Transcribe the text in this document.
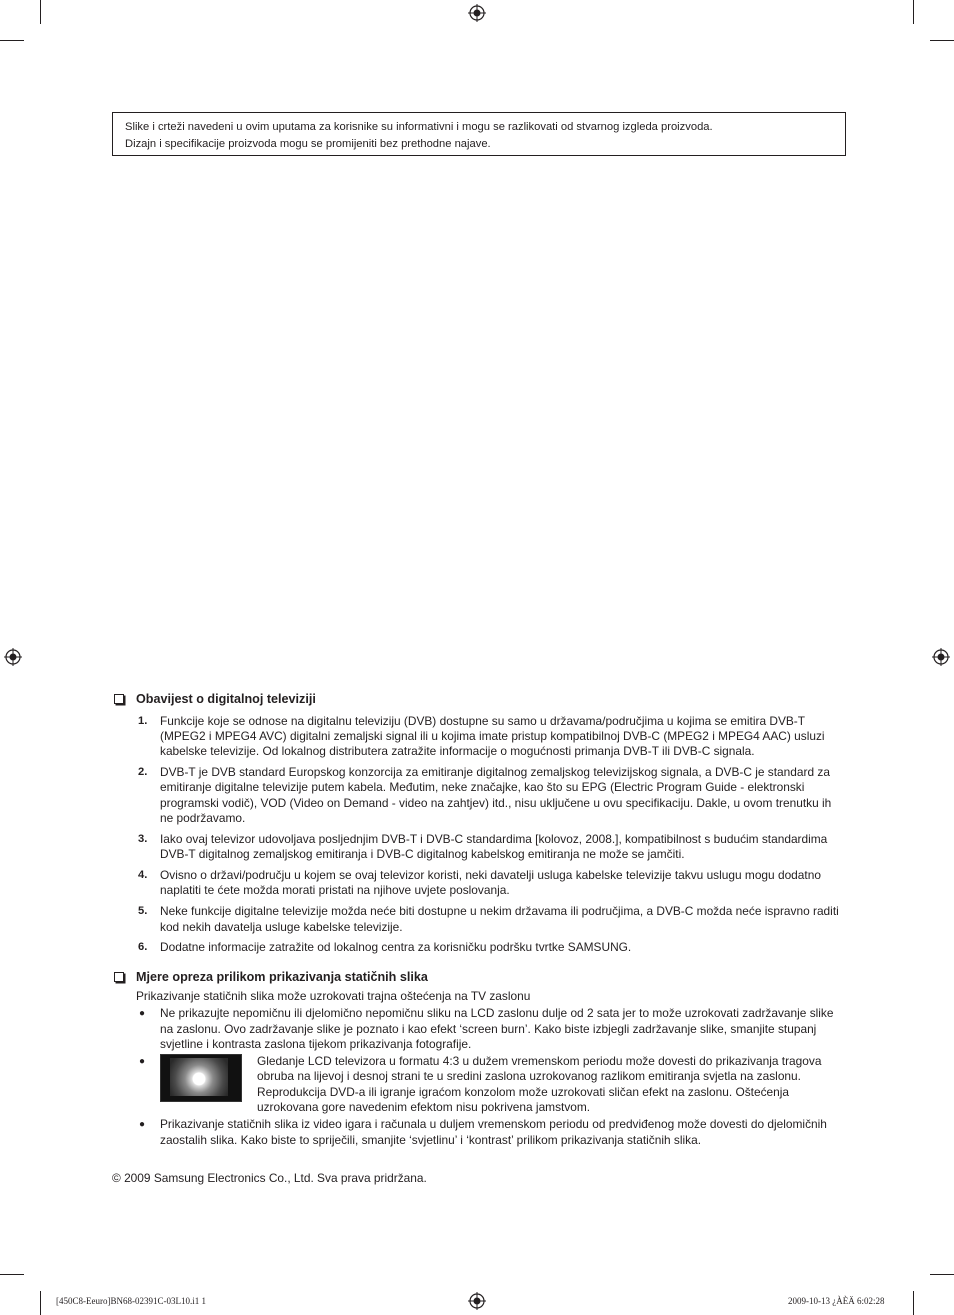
Slike i crteži navedeni u ovim uputama za korisnike su informativni i mogu se razlikovati od stvarnog izgleda proizvoda.
Dizajn i specifikacije proizvoda mogu se promijeniti bez prethodne najave.
Obavijest o digitalnoj televiziji
1. Funkcije koje se odnose na digitalnu televiziju (DVB) dostupne su samo u državama/područjima u kojima se emitira DVB-T (MPEG2 i MPEG4 AVC) digitalni zemaljski signal ili u kojima imate pristup kompatibilnoj DVB-C (MPEG2 i MPEG4 AAC) usluzi kabelske televizije. Od lokalnog distributera zatražite informacije o mogućnosti primanja DVB-T ili DVB-C signala.
2. DVB-T je DVB standard Europskog konzorcija za emitiranje digitalnog zemaljskog televizijskog signala, a DVB-C je standard za emitiranje digitalne televizije putem kabela. Međutim, neke značajke, kao što su EPG (Electric Program Guide - elektronski programski vodič), VOD (Video on Demand - video na zahtjev) itd., nisu uključene u ovu specifikaciju. Dakle, u ovom trenutku ih ne podržavamo.
3. Iako ovaj televizor udovoljava posljednjim DVB-T i DVB-C standardima [kolovoz, 2008.], kompatibilnost s budućim standardima DVB-T digitalnog zemaljskog emitiranja i DVB-C digitalnog kabelskog emitiranja ne može se jamčiti.
4. Ovisno o državi/području u kojem se ovaj televizor koristi, neki davatelji usluga kabelske televizije takvu uslugu mogu dodatno naplatiti te ćete možda morati pristati na njihove uvjete poslovanja.
5. Neke funkcije digitalne televizije možda neće biti dostupne u nekim državama ili područjima, a DVB-C možda neće ispravno raditi kod nekih davatelja usluge kabelske televizije.
6. Dodatne informacije zatražite od lokalnog centra za korisničku podršku tvrtke SAMSUNG.
Mjere opreza prilikom prikazivanja statičnih slika
Prikazivanje statičnih slika može uzrokovati trajna oštećenja na TV zaslonu
● Ne prikazujte nepomičnu ili djelomično nepomičnu sliku na LCD zaslonu dulje od 2 sata jer to može uzrokovati zadržavanje slike na zaslonu. Ovo zadržavanje slike je poznato i kao efekt ‘screen burn’. Kako biste izbjegli zadržavanje slike, smanjite stupanj svjetline i kontrasta zaslona tijekom prikazivanja fotografije.
●	Gledanje LCD televizora u formatu 4:3 u dužem vremenskom periodu može dovesti do prikazivanja tragova obruba na lijevoj i desnoj strani te u sredini zaslona uzrokovanog razlikom emitiranja svjetla na zaslonu. Reprodukcija DVD-a ili igranje igraćom konzolom može uzrokovati sličan efekt na zaslonu. Oštećenja uzrokovana gore navedenim efektom nisu pokrivena jamstvom.
● Prikazivanje statičnih slika iz video igara i računala u duljem vremenskom periodu od predviđenog može dovesti do djelomičnih zaostalih slika. Kako biste to spriječili, smanjite ‘svjetlinu’ i ‘kontrast’ prilikom prikazivanja statičnih slika.
© 2009 Samsung Electronics Co., Ltd. Sva prava pridržana.
[450C8-Eeuro]BN68-02391C-03L10.i1 1	2009-10-13 ¿ÀÈÄ 6:02:28
